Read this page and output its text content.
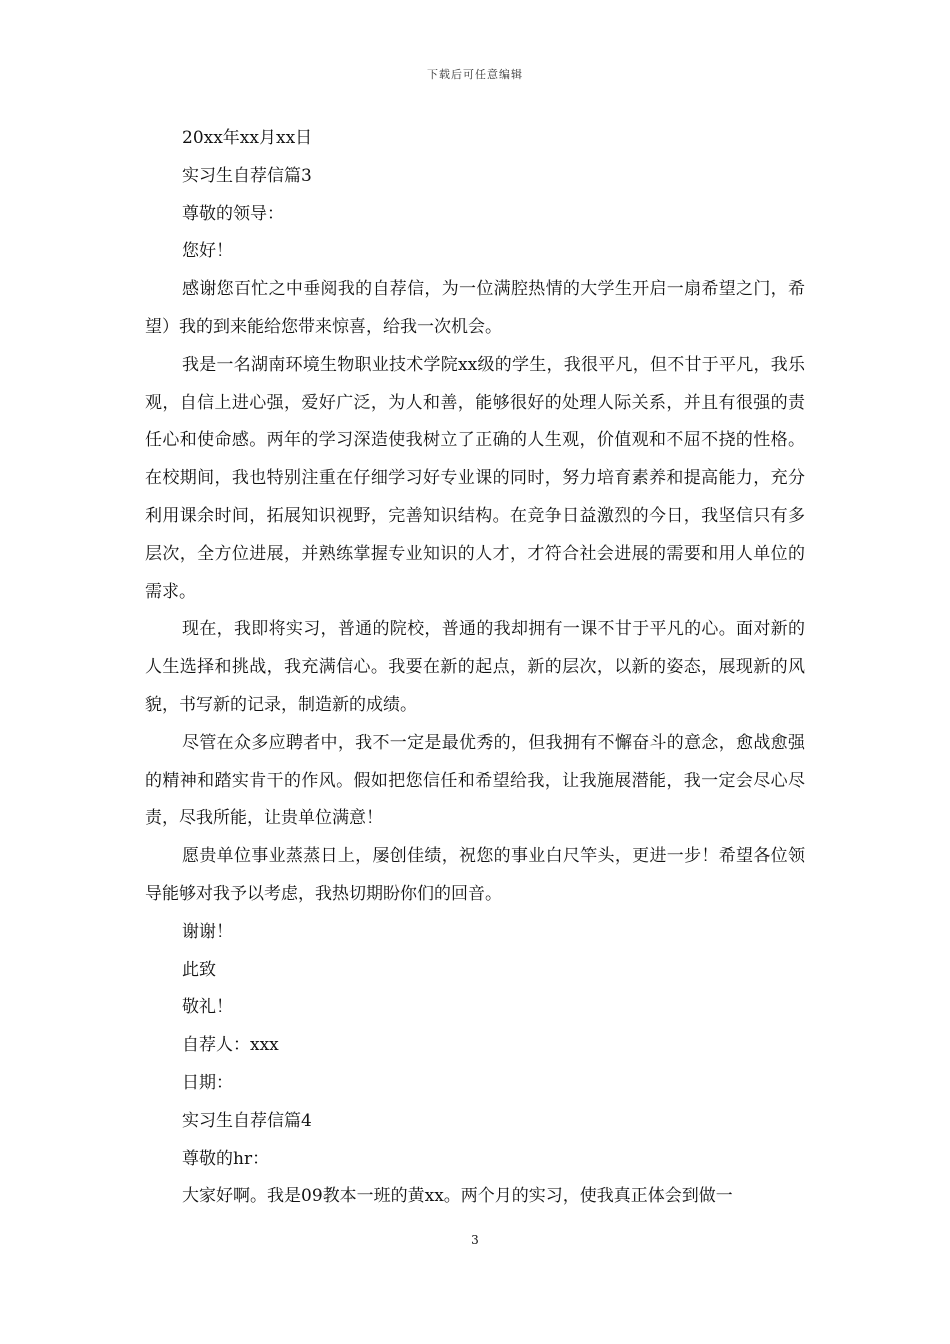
下载后可任意编辑

20xx年xx月xx日

实习生自荐信篇3

尊敬的领导：

您好！

感谢您百忙之中垂阅我的自荐信，为一位满腔热情的大学生开启一扇希望之门，希望）我的到来能给您带来惊喜，给我一次机会。

我是一名湖南环境生物职业技术学院xx级的学生，我很平凡，但不甘于平凡，我乐观，自信上进心强，爱好广泛，为人和善，能够很好的处理人际关系，并且有很强的责任心和使命感。两年的学习深造使我树立了正确的人生观，价值观和不屈不挠的性格。在校期间，我也特别注重在仔细学习好专业课的同时，努力培育素养和提高能力，充分利用课余时间，拓展知识视野，完善知识结构。在竞争日益激烈的今日，我坚信只有多层次，全方位进展，并熟练掌握专业知识的人才，才符合社会进展的需要和用人单位的需求。

现在，我即将实习，普通的院校，普通的我却拥有一课不甘于平凡的心。面对新的人生选择和挑战，我充满信心。我要在新的起点，新的层次，以新的姿态，展现新的风貌，书写新的记录，制造新的成绩。

尽管在众多应聘者中，我不一定是最优秀的，但我拥有不懈奋斗的意念，愈战愈强的精神和踏实肯干的作风。假如把您信任和希望给我，让我施展潜能，我一定会尽心尽责，尽我所能，让贵单位满意！

愿贵单位事业蒸蒸日上，屡创佳绩，祝您的事业白尺竿头，更进一步！希望各位领导能够对我予以考虑，我热切期盼你们的回音。

谢谢！

此致

敬礼！

自荐人：xxx

日期：

实习生自荐信篇4

尊敬的hr：

大家好啊。我是09教本一班的黄xx。两个月的实习，使我真正体会到做一

3
